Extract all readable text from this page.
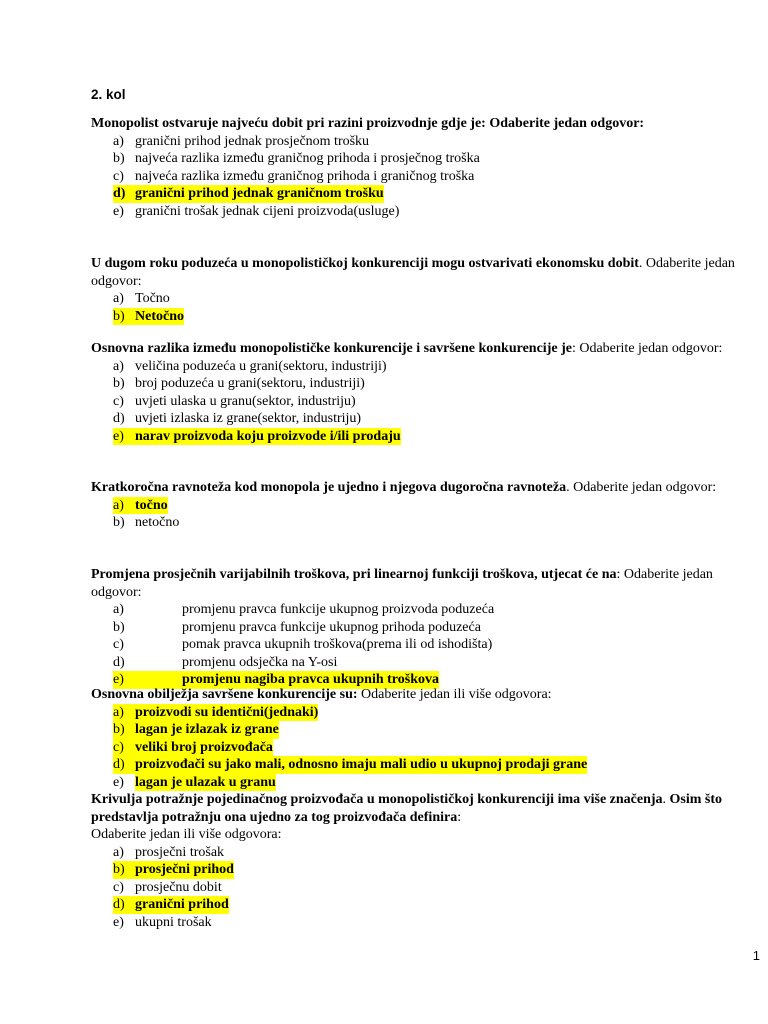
2. kol
Monopolist ostvaruje najveću dobit pri razini proizvodnje gdje je: Odaberite jedan odgovor:
a) granični prihod jednak prosječnom trošku
b) najveća razlika između graničnog prihoda i prosječnog troška
c) najveća razlika između graničnog prihoda i graničnog troška
d) granični prihod jednak graničnom trošku
e) granični trošak jednak cijeni proizvoda(usluge)
U dugom roku poduzeća u monopolističkoj konkurenciji mogu ostvarivati ekonomsku dobit. Odaberite jedan odgovor:
a) Točno
b) Netočno
Osnovna razlika između monopolističke konkurencije i savršene konkurencije je: Odaberite jedan odgovor:
a) veličina poduzeća u grani(sektoru, industriji)
b) broj poduzeća u grani(sektoru, industriji)
c) uvjeti ulaska u granu(sektor, industriju)
d) uvjeti izlaska iz grane(sektor, industriju)
e) narav proizvoda koju proizvode i/ili prodaju
Kratkoročna ravnoteža kod monopola je ujedno i njegova dugoročna ravnoteža. Odaberite jedan odgovor:
a) točno
b) netočno
Promjena prosječnih varijabilnih troškova, pri linearnoj funkciji troškova, utjecat će na: Odaberite jedan odgovor:
a)	promjenu pravca funkcije ukupnog proizvoda poduzeća
b)	promjenu pravca funkcije ukupnog prihoda poduzeća
c)	pomak pravca ukupnih troškova(prema ili od ishodišta)
d)	promjenu odsječka na Y-osi
e)	promjenu nagiba pravca ukupnih troškova
Osnovna obilježja savršene konkurencije su: Odaberite jedan ili više odgovora:
a) proizvodi su identični(jednaki)
b) lagan je izlazak iz grane
c) veliki broj proizvođača
d) proizvođači su jako mali, odnosno imaju mali udio u ukupnoj prodaji grane
e) lagan je ulazak u granu
Krivulja potražnje pojedinačnog proizvođača u monopolističkoj konkurenciji ima više značenja. Osim što
predstavlja potražnju ona ujedno za tog proizvođača definira:
Odaberite jedan ili više odgovora:
a) prosječni trošak
b) prosječni prihod
c) prosječnu dobit
d) granični prihod
e) ukupni trošak
1
